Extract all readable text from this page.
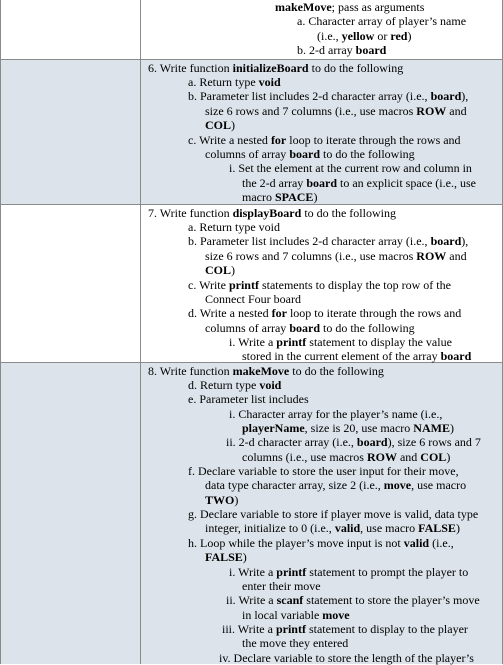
makeMove; pass as arguments
a. Character array of player’s name
(i.e., yellow or red)
b. 2-d array board
6. Write function initializeBoard to do the following
a. Return type void
b. Parameter list includes 2-d character array (i.e., board),
size 6 rows and 7 columns (i.e., use macros ROW and
COL)
c. Write a nested for loop to iterate through the rows and
columns of array board to do the following
i. Set the element at the current row and column in
the 2-d array board to an explicit space (i.e., use
macro SPACE)
7. Write function displayBoard to do the following
a. Return type void
b. Parameter list includes 2-d character array (i.e., board),
size 6 rows and 7 columns (i.e., use macros ROW and
COL)
c. Write printf statements to display the top row of the
Connect Four board
d. Write a nested for loop to iterate through the rows and
columns of array board to do the following
i. Write a printf statement to display the value
stored in the current element of the array board
8. Write function makeMove to do the following
d. Return type void
e. Parameter list includes
i. Character array for the player’s name (i.e.,
playerName, size is 20, use macro NAME)
ii. 2-d character array (i.e., board), size 6 rows and 7
columns (i.e., use macros ROW and COL)
f. Declare variable to store the user input for their move,
data type character array, size 2 (i.e., move, use macro
TWO)
g. Declare variable to store if player move is valid, data type
integer, initialize to 0 (i.e., valid, use macro FALSE)
h. Loop while the player’s move input is not valid (i.e.,
FALSE)
i. Write a printf statement to prompt the player to
enter their move
ii. Write a scanf statement to store the player’s move
in local variable move
iii. Write a printf statement to display to the player
the move they entered
iv. Declare variable to store the length of the player’s
